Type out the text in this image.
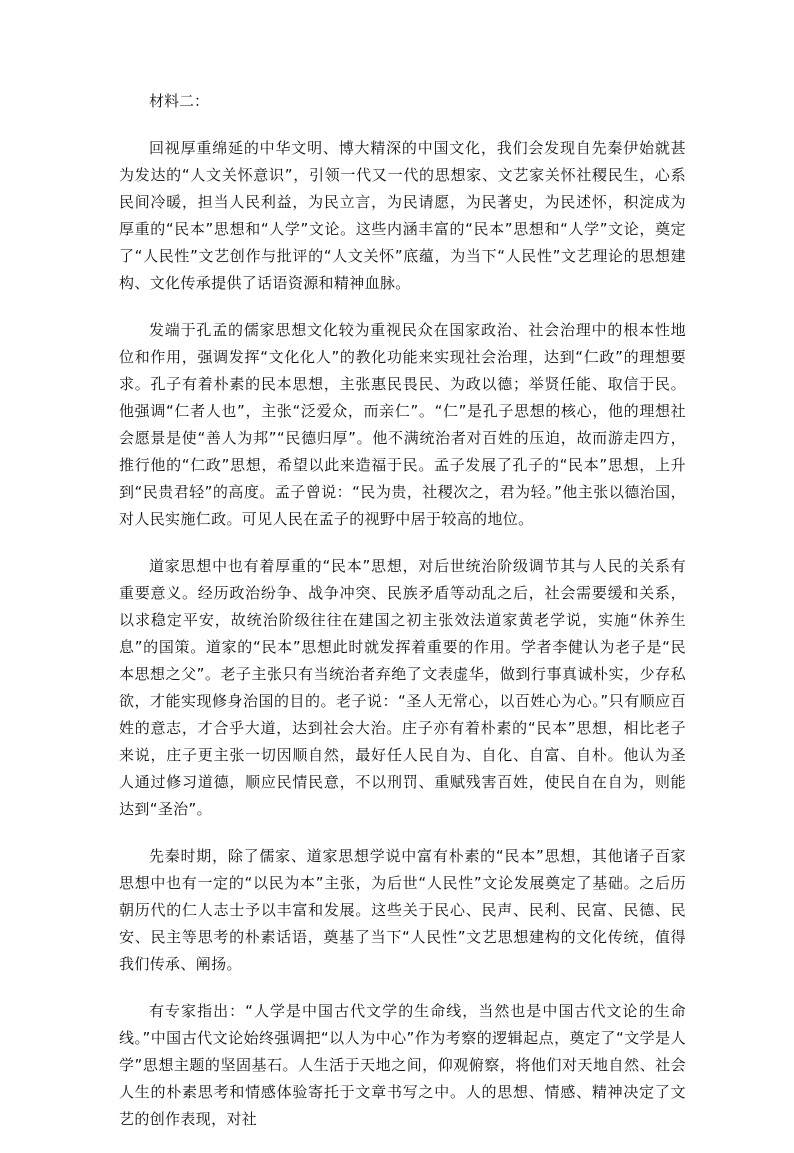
材料二：

回视厚重绵延的中华文明、博大精深的中国文化，我们会发现自先秦伊始就甚为发达的“人文关怀意识”，引领一代又一代的思想家、文艺家关怀社稷民生，心系民间冷暖，担当人民利益，为民立言，为民请愿，为民著史，为民述怀，积淀成为厚重的“民本”思想和“人学”文论。这些内涵丰富的“民本”思想和“人学”文论，奠定了“人民性”文艺创作与批评的“人文关怀”底蕴，为当下“人民性”文艺理论的思想建构、文化传承提供了话语资源和精神血脉。

发端于孔孟的儒家思想文化较为重视民众在国家政治、社会治理中的根本性地位和作用，强调发挥“文化化人”的教化功能来实现社会治理，达到“仁政”的理想要求。孔子有着朴素的民本思想，主张惠民畏民、为政以德；举贤任能、取信于民。他强调“仁者人也”，主张“泛爱众，而亲仁”。“仁”是孔子思想的核心，他的理想社会愿景是使“善人为邦”“民德归厚”。他不满统治者对百姓的压迫，故而游走四方，推行他的“仁政”思想，希望以此来造福于民。孟子发展了孔子的“民本”思想，上升到“民贵君轻”的高度。孟子曾说：“民为贵，社稷次之，君为轻。”他主张以德治国，对人民实施仁政。可见人民在孟子的视野中居于较高的地位。

道家思想中也有着厚重的“民本”思想，对后世统治阶级调节其与人民的关系有重要意义。经历政治纷争、战争冲突、民族矛盾等动乱之后，社会需要缓和关系，以求稳定平安，故统治阶级往往在建国之初主张效法道家黄老学说，实施“休养生息”的国策。道家的“民本”思想此时就发挥着重要的作用。学者李健认为老子是“民本思想之父”。老子主张只有当统治者弃绝了文表虚华，做到行事真诚朴实，少存私欲，才能实现修身治国的目的。老子说：“圣人无常心，以百姓心为心。”只有顺应百姓的意志，才合乎大道，达到社会大治。庄子亦有着朴素的“民本”思想，相比老子来说，庄子更主张一切因顺自然，最好任人民自为、自化、自富、自朴。他认为圣人通过修习道德，顺应民情民意，不以刑罚、重赋残害百姓，使民自在自为，则能达到“圣治”。

先秦时期，除了儒家、道家思想学说中富有朴素的“民本”思想，其他诸子百家思想中也有一定的“以民为本”主张，为后世“人民性”文论发展奠定了基础。之后历朝历代的仁人志士予以丰富和发展。这些关于民心、民声、民利、民富、民德、民安、民主等思考的朴素话语，奠基了当下“人民性”文艺思想建构的文化传统，值得我们传承、阐扬。

有专家指出：“人学是中国古代文学的生命线，当然也是中国古代文论的生命线。”中国古代文论始终强调把“以人为中心”作为考察的逻辑起点，奠定了“文学是人学”思想主题的坚固基石。人生活于天地之间，仰观俯察，将他们对天地自然、社会人生的朴素思考和情感体验寄托于文章书写之中。人的思想、情感、精神决定了文艺的创作表现，对社
